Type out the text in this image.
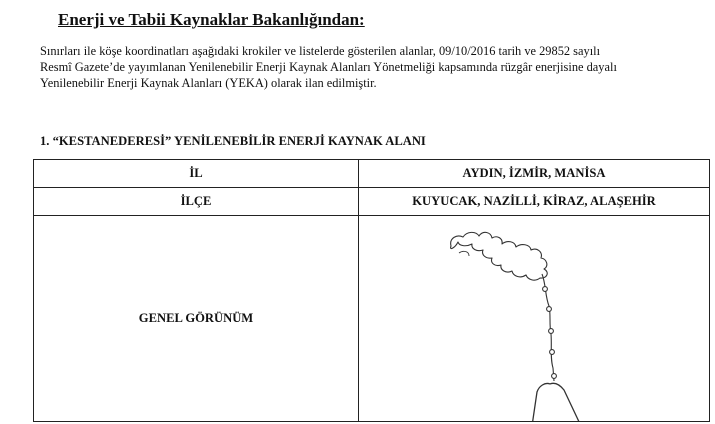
Enerji ve Tabii Kaynaklar Bakanlığından:

Sınırları ile köşe koordinatları aşağıdaki krokiler ve listelerde gösterilen alanlar, 09/10/2016 tarih ve 29852 sayılı

Resmî Gazete’de yayımlanan Yenilenebilir Enerji Kaynak Alanları Yönetmeliği kapsamında rüzgâr enerjisine dayalı

Yenilenebilir Enerji Kaynak Alanları (YEKA) olarak ilan edilmiştir.

1. “KESTANEDERESİ” YENİLENEBİLİR ENERJİ KAYNAK ALANI
İL	AYDIN, İZMİR, MANİSA
İLÇE	KUYUCAK, NAZİLLİ, KİRAZ, ALAŞEHİR
GENEL GÖRÜNÜM	
